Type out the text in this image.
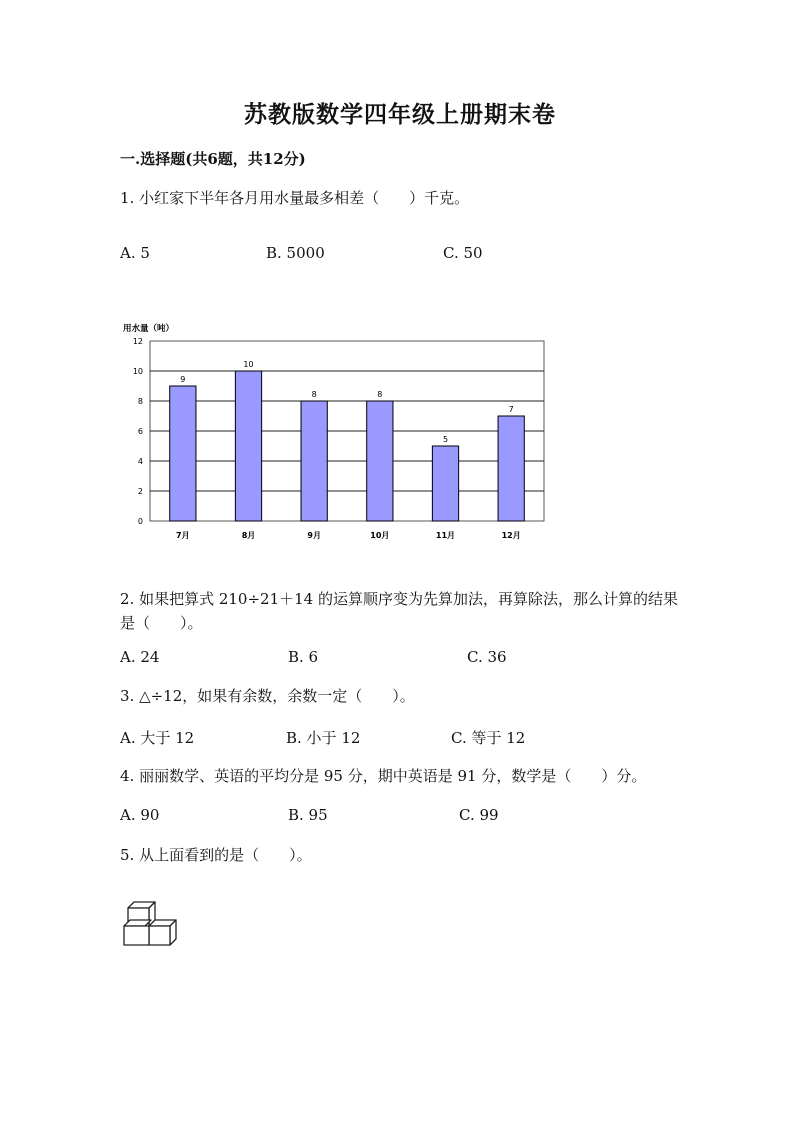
苏教版数学四年级上册期末卷
一.选择题(共6题，共12分)
1. 小红家下半年各月用水量最多相差（　　）千克。
A. 5	B. 5000	C. 50
用水量（吨）
0
2
4
6
8
10
12
9
7月
10
8月
8
9月
8
10月
5
11月
7
12月
2. 如果把算式 210÷21＋14 的运算顺序变为先算加法，再算除法，那么计算的结果是（　　）。
A. 24	B. 6	C. 36
3. △÷12，如果有余数，余数一定（　　）。
A. 大于 12	B. 小于 12	C. 等于 12
4. 丽丽数学、英语的平均分是 95 分，期中英语是 91 分，数学是（　　）分。
A. 90	B. 95	C. 99
5. 从上面看到的是（　　）。
